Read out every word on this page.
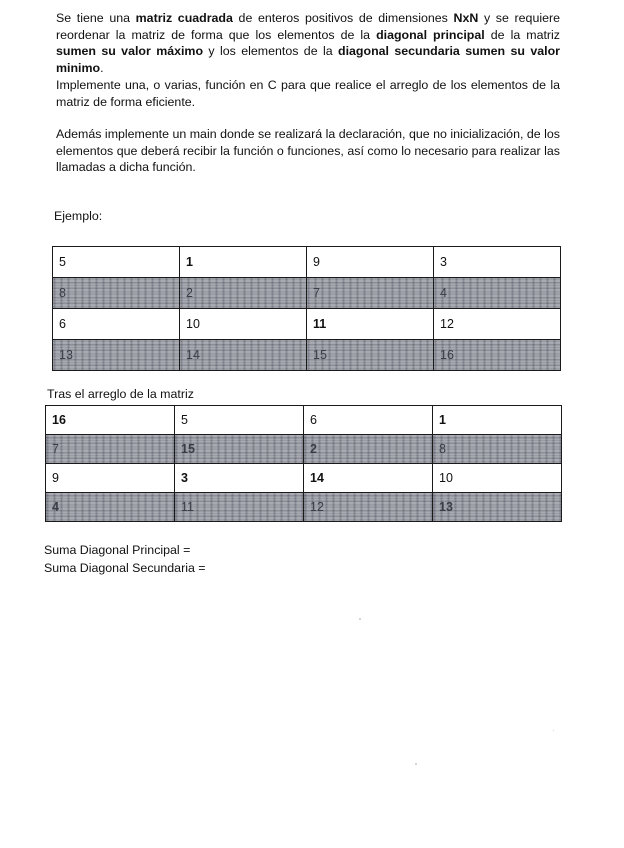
Se tiene una matriz cuadrada de enteros positivos de dimensiones NxN y se requiere reordenar la matriz de forma que los elementos de la diagonal principal de la matriz sumen su valor máximo y los elementos de la diagonal secundaria sumen su valor minimo.

Implemente una, o varias, función en C para que realice el arreglo de los elementos de la matriz de forma eficiente.

Además implemente un main donde se realizará la declaración, que no inicialización, de los elementos que deberá recibir la función o funciones, así como lo necesario para realizar las llamadas a dicha función.

Ejemplo:

5	1	9	3
8	2	7	4
6	10	11	12
13	14	15	16

Tras el arreglo de la matriz

16	5	6	1
7	15	2	8
9	3	14	10
4	11	12	13

Suma Diagonal Principal =

Suma Diagonal Secundaria =
